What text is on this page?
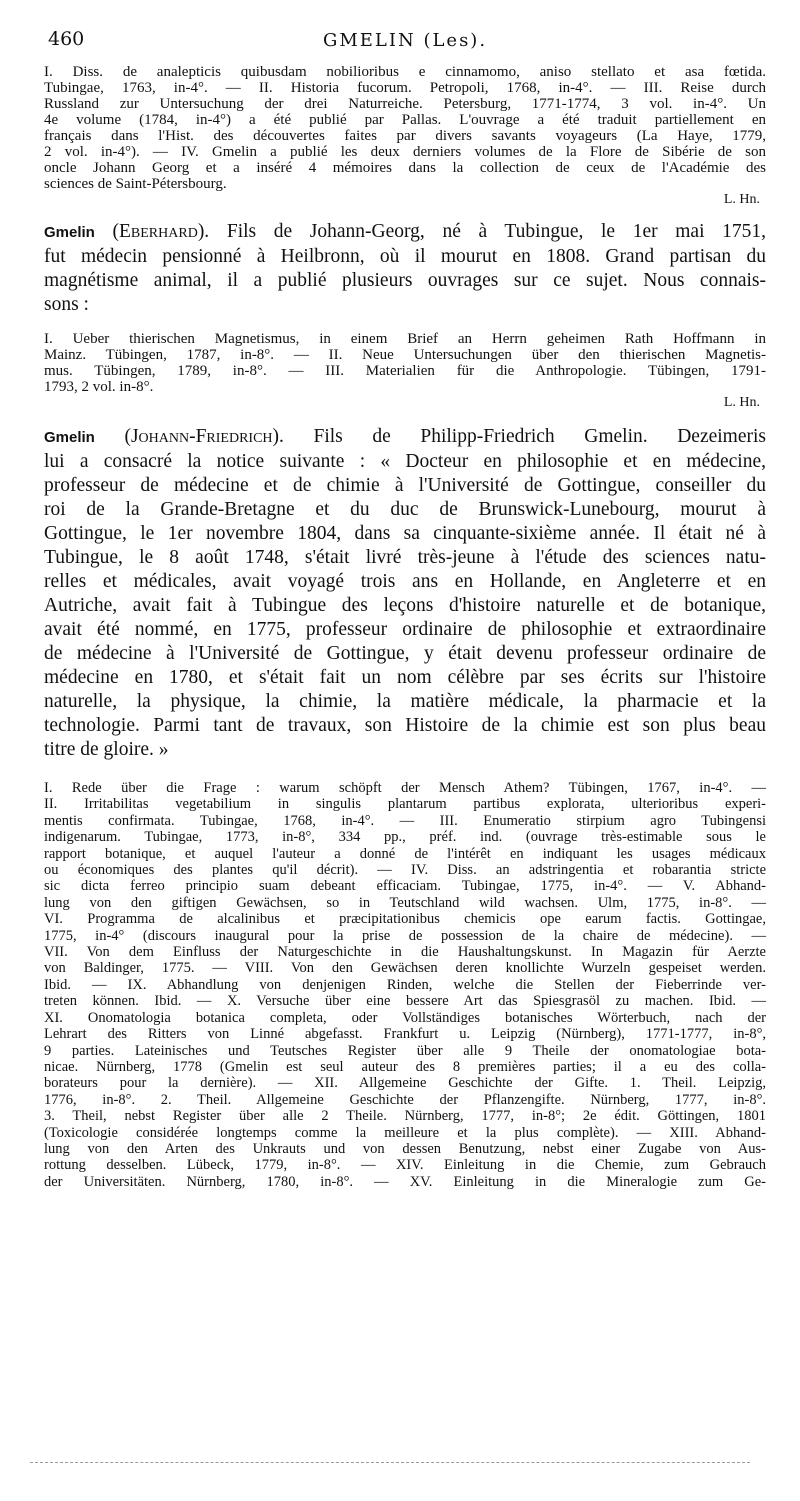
460	GMELIN (Les).
I. Diss. de analepticis quibusdam nobilioribus e cinnamomo, aniso stellato et asa fœtida.
Tubingae, 1763, in-4°. — II. Historia fucorum. Petropoli, 1768, in-4°. — III. Reise durch
Russland zur Untersuchung der drei Naturreiche. Petersburg, 1771-1774, 3 vol. in-4°. Un
4e volume (1784, in-4°) a été publié par Pallas. L'ouvrage a été traduit partiellement en
français dans l'Hist. des découvertes faites par divers savants voyageurs (La Haye, 1779,
2 vol. in-4°). — IV. Gmelin a publié les deux derniers volumes de la Flore de Sibérie de son
oncle Johann Georg et a inséré 4 mémoires dans la collection de ceux de l'Académie des
sciences de Saint-Pétersbourg.

L. Hn.

Gmelin (Eberhard). Fils de Johann-Georg, né à Tubingue, le 1er mai 1751,
fut médecin pensionné à Heilbronn, où il mourut en 1808. Grand partisan du
magnétisme animal, il a publié plusieurs ouvrages sur ce sujet. Nous connais-
sons :
I. Ueber thierischen Magnetismus, in einem Brief an Herrn geheimen Rath Hoffmann in
Mainz. Tübingen, 1787, in-8°. — II. Neue Untersuchungen über den thierischen Magnetis-
mus. Tübingen, 1789, in-8°. — III. Materialien für die Anthropologie. Tübingen, 1791-
1793, 2 vol. in-8°.

L. Hn.

Gmelin (Johann-Friedrich). Fils de Philipp-Friedrich Gmelin. Dezeimeris
lui a consacré la notice suivante : « Docteur en philosophie et en médecine,
professeur de médecine et de chimie à l'Université de Gottingue, conseiller du
roi de la Grande-Bretagne et du duc de Brunswick-Lunebourg, mourut à
Gottingue, le 1er novembre 1804, dans sa cinquante-sixième année. Il était né à
Tubingue, le 8 août 1748, s'était livré très-jeune à l'étude des sciences natu-
relles et médicales, avait voyagé trois ans en Hollande, en Angleterre et en
Autriche, avait fait à Tubingue des leçons d'histoire naturelle et de botanique,
avait été nommé, en 1775, professeur ordinaire de philosophie et extraordinaire
de médecine à l'Université de Gottingue, y était devenu professeur ordinaire de
médecine en 1780, et s'était fait un nom célèbre par ses écrits sur l'histoire
naturelle, la physique, la chimie, la matière médicale, la pharmacie et la
technologie. Parmi tant de travaux, son Histoire de la chimie est son plus beau
titre de gloire. »
I. Rede über die Frage : warum schöpft der Mensch Athem? Tübingen, 1767, in-4°. —
II. Irritabilitas vegetabilium in singulis plantarum partibus explorata, ulterioribus experi-
mentis confirmata. Tubingae, 1768, in-4°. — III. Enumeratio stirpium agro Tubingensi
indigenarum. Tubingae, 1773, in-8°, 334 pp., préf. ind. (ouvrage très-estimable sous le
rapport botanique, et auquel l'auteur a donné de l'intérêt en indiquant les usages médicaux
ou économiques des plantes qu'il décrit). — IV. Diss. an adstringentia et robarantia stricte
sic dicta ferreo principio suam debeant efficaciam. Tubingae, 1775, in-4°. — V. Abhand-
lung von den giftigen Gewächsen, so in Teutschland wild wachsen. Ulm, 1775, in-8°. —
VI. Programma de alcalinibus et præcipitationibus chemicis ope earum factis. Gottingae,
1775, in-4° (discours inaugural pour la prise de possession de la chaire de médecine). —
VII. Von dem Einfluss der Naturgeschichte in die Haushaltungskunst. In Magazin für Aerzte
von Baldinger, 1775. — VIII. Von den Gewächsen deren knollichte Wurzeln gespeiset werden.
Ibid. — IX. Abhandlung von denjenigen Rinden, welche die Stellen der Fieberrinde ver-
treten können. Ibid. — X. Versuche über eine bessere Art das Spiesgrasöl zu machen. Ibid. —
XI. Onomatologia botanica completa, oder Vollständiges botanisches Wörterbuch, nach der
Lehrart des Ritters von Linné abgefasst. Frankfurt u. Leipzig (Nürnberg), 1771-1777, in-8°,
9 parties. Lateinisches und Teutsches Register über alle 9 Theile der onomatologiae bota-
nicae. Nürnberg, 1778 (Gmelin est seul auteur des 8 premières parties; il a eu des colla-
borateurs pour la dernière). — XII. Allgemeine Geschichte der Gifte. 1. Theil. Leipzig,
1776, in-8°. 2. Theil. Allgemeine Geschichte der Pflanzengifte. Nürnberg, 1777, in-8°.
3. Theil, nebst Register über alle 2 Theile. Nürnberg, 1777, in-8°; 2e édit. Göttingen, 1801
(Toxicologie considérée longtemps comme la meilleure et la plus complète). — XIII. Abhand-
lung von den Arten des Unkrauts und von dessen Benutzung, nebst einer Zugabe von Aus-
rottung desselben. Lübeck, 1779, in-8°. — XIV. Einleitung in die Chemie, zum Gebrauch
der Universitäten. Nürnberg, 1780, in-8°. — XV. Einleitung in die Mineralogie zum Ge-
